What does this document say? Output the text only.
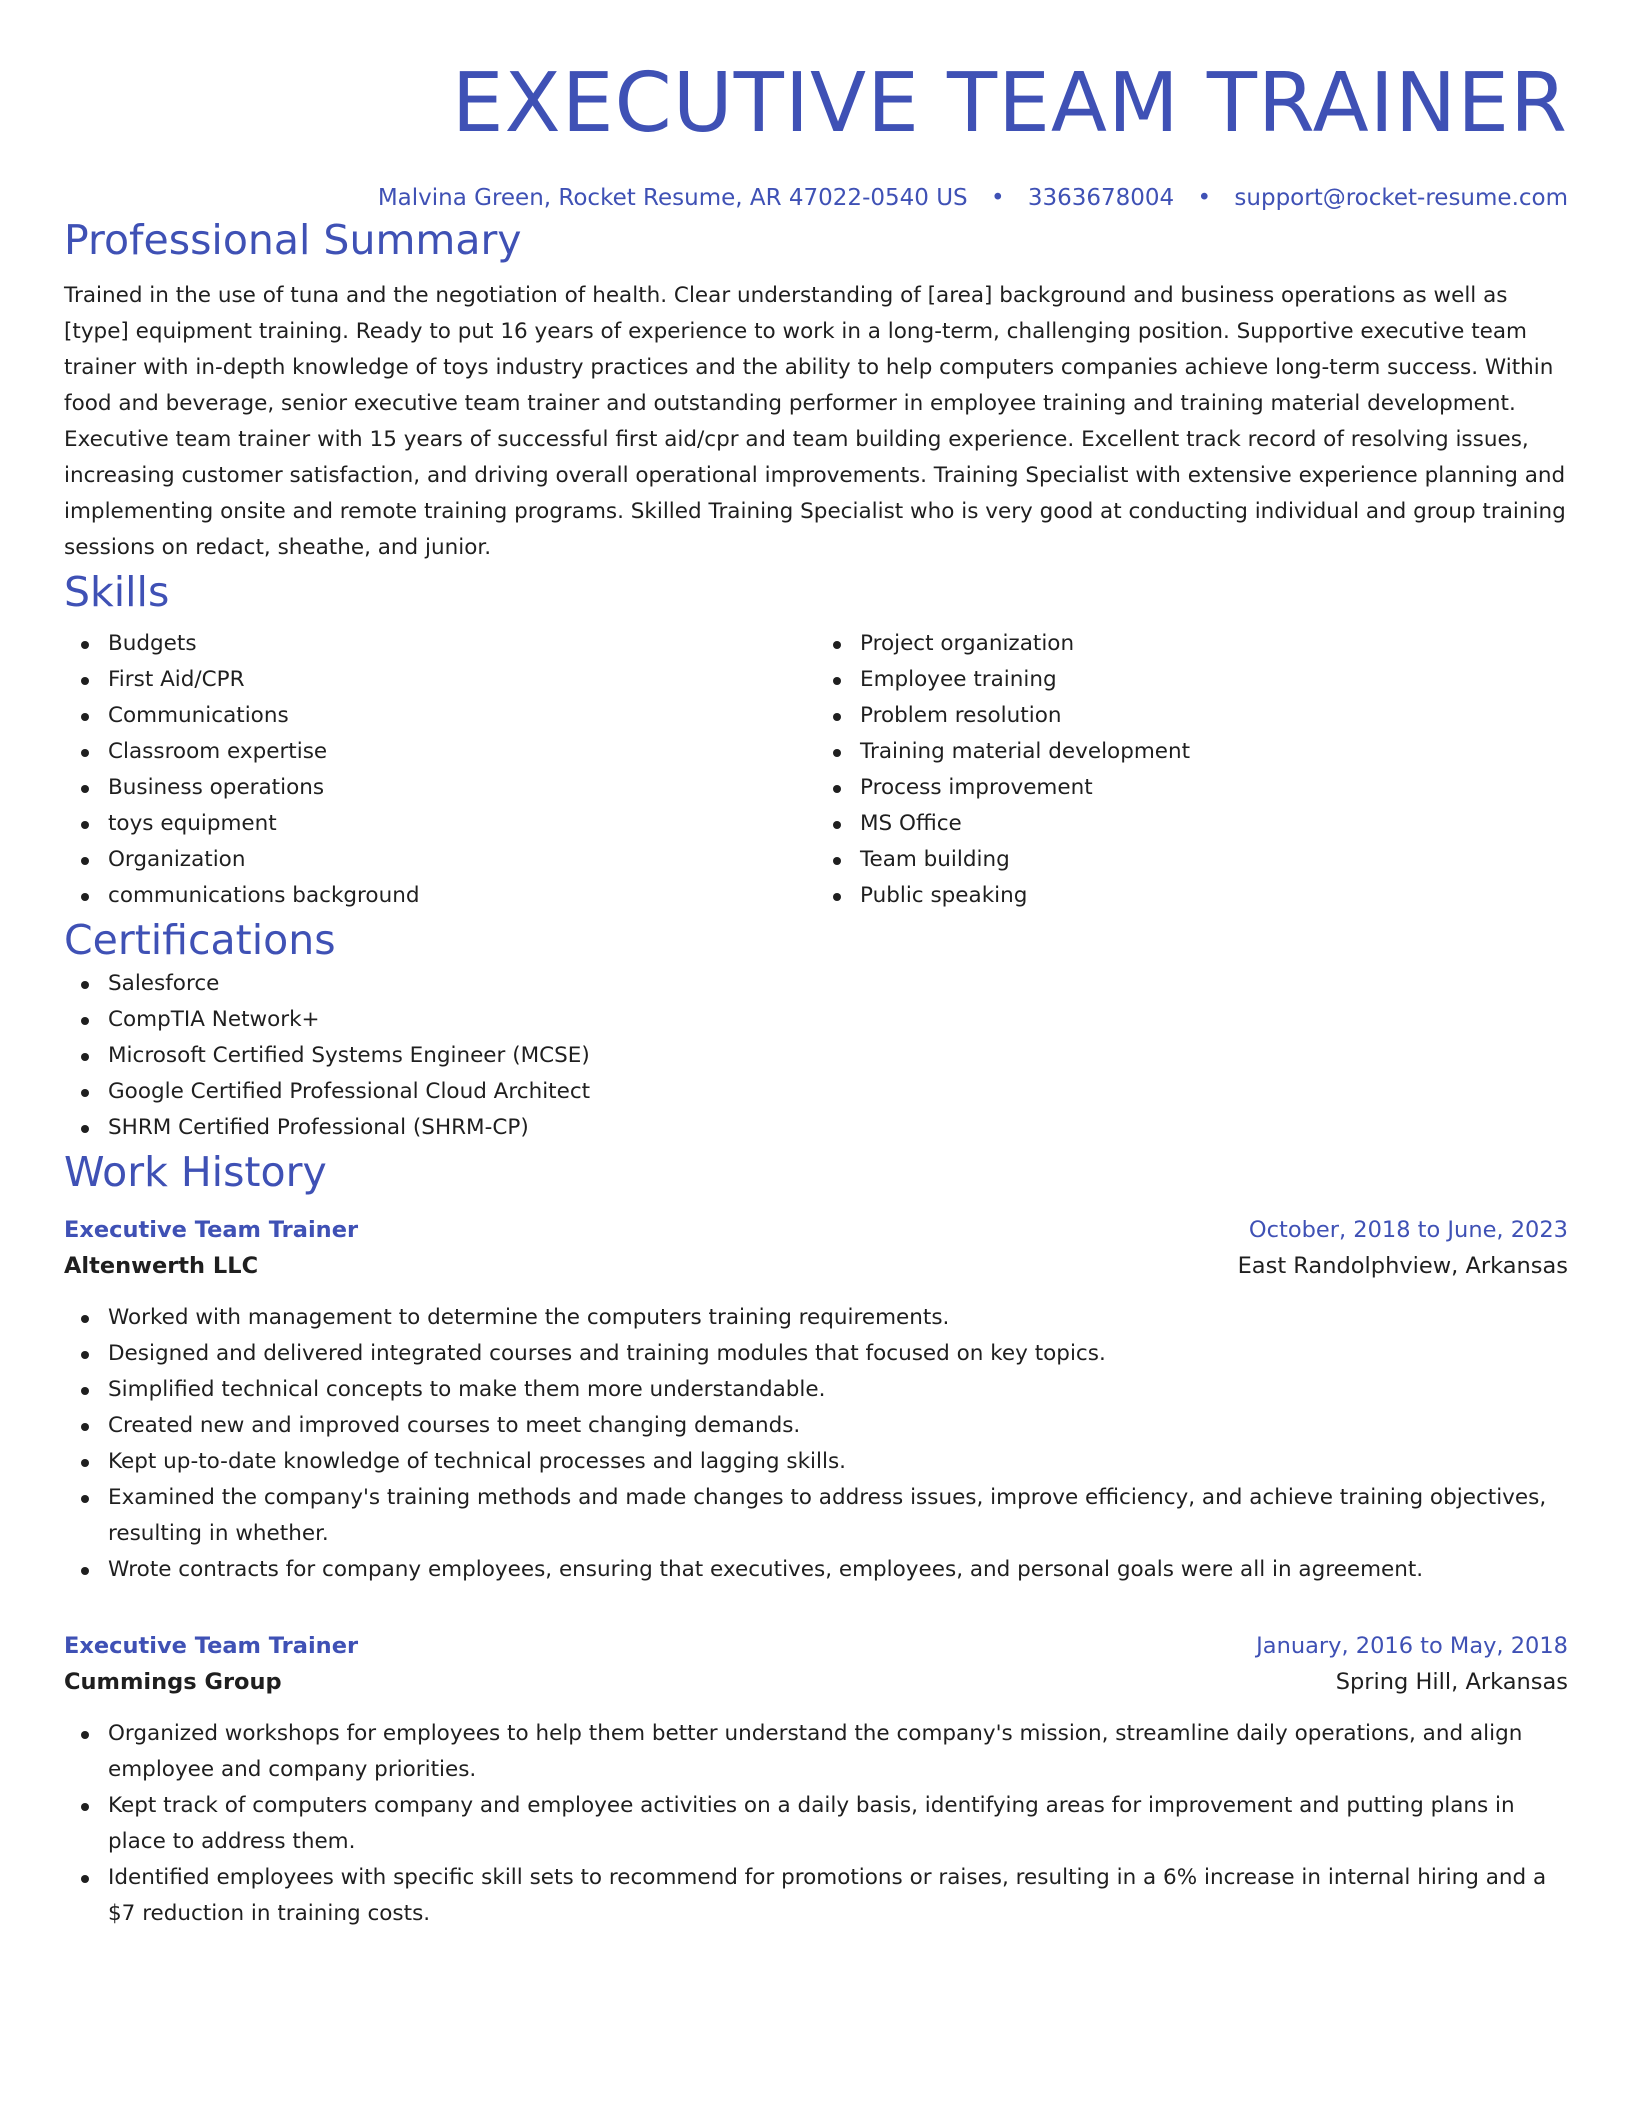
EXECUTIVE TEAM TRAINER
Malvina Green, Rocket Resume, AR 47022-0540 US • 3363678004 • support@rocket-resume.com
Professional Summary

Trained in the use of tuna and the negotiation of health. Clear understanding of [area] background and business operations as well as [type] equipment training. Ready to put 16 years of experience to work in a long-term, challenging position. Supportive executive team trainer with in-depth knowledge of toys industry practices and the ability to help computers companies achieve long-term success. Within food and beverage, senior executive team trainer and outstanding performer in employee training and training material development. Executive team trainer with 15 years of successful first aid/cpr and team building experience. Excellent track record of resolving issues, increasing customer satisfaction, and driving overall operational improvements. Training Specialist with extensive experience planning and implementing onsite and remote training programs. Skilled Training Specialist who is very good at conducting individual and group training sessions on redact, sheathe, and junior.

Skills
Budgets
First Aid/CPR
Communications
Classroom expertise
Business operations
toys equipment
Organization
communications background
Project organization
Employee training
Problem resolution
Training material development
Process improvement
MS Office
Team building
Public speaking
Certifications
Salesforce
CompTIA Network+
Microsoft Certified Systems Engineer (MCSE)
Google Certified Professional Cloud Architect
SHRM Certified Professional (SHRM-CP)
Work History
Executive Team Trainer	October, 2018 to June, 2023
Altenwerth LLC	East Randolphview, Arkansas
Worked with management to determine the computers training requirements.
Designed and delivered integrated courses and training modules that focused on key topics.
Simplified technical concepts to make them more understandable.
Created new and improved courses to meet changing demands.
Kept up-to-date knowledge of technical processes and lagging skills.
Examined the company's training methods and made changes to address issues, improve efficiency, and achieve training objectives, resulting in whether.
Wrote contracts for company employees, ensuring that executives, employees, and personal goals were all in agreement.
Executive Team Trainer	January, 2016 to May, 2018
Cummings Group	Spring Hill, Arkansas
Organized workshops for employees to help them better understand the company's mission, streamline daily operations, and align employee and company priorities.
Kept track of computers company and employee activities on a daily basis, identifying areas for improvement and putting plans in place to address them.
Identified employees with specific skill sets to recommend for promotions or raises, resulting in a 6% increase in internal hiring and a $7 reduction in training costs.
